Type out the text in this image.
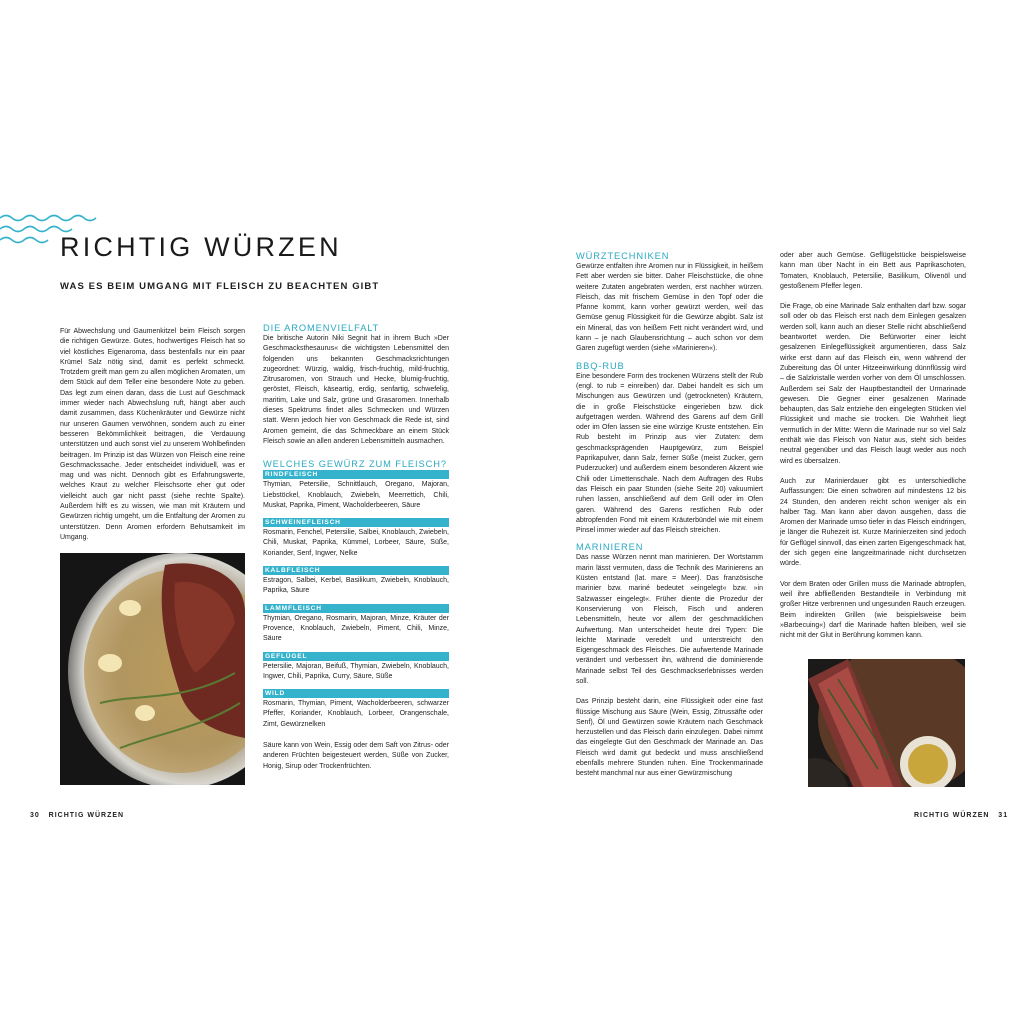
RICHTIG WÜRZEN
WAS ES BEIM UMGANG MIT FLEISCH ZU BEACHTEN GIBT
Für Abwechslung und Gaumenkitzel beim Fleisch sorgen die richtigen Gewürze. Gutes, hochwertiges Fleisch hat so viel köstliches Eigenaroma, dass bestenfalls nur ein paar Krümel Salz nötig sind, damit es perfekt schmeckt. Trotzdem greift man gern zu allen möglichen Aromaten, um dem Stück auf dem Teller eine besondere Note zu geben. Das legt zum einen daran, dass die Lust auf Geschmack immer wieder nach Abwechslung ruft, hängt aber auch damit zusammen, dass Küchenkräuter und Gewürze nicht nur unseren Gaumen verwöhnen, sondern auch zu einer besseren Bekömmlichkeit beitragen, die Verdauung unterstützen und auch sonst viel zu unserem Wohlbefinden beitragen. Im Prinzip ist das Würzen von Fleisch eine reine Geschmackssache. Jeder entscheidet individuell, was er mag und was nicht. Dennoch gibt es Erfahrungswerte, welches Kraut zu welcher Fleischsorte eher gut oder vielleicht auch gar nicht passt (siehe rechte Spalte). Außerdem hilft es zu wissen, wie man mit Kräutern und Gewürzen richtig umgeht, um die Entfaltung der Aromen zu unterstützen. Denn Aromen erfordern Behutsamkeit im Umgang.
DIE AROMENVIELFALT
Die britische Autorin Niki Segnit hat in ihrem Buch »Der Geschmacksthesaurus« die wichtigsten Lebensmittel den folgenden uns bekannten Geschmacksrichtungen zugeordnet: Würzig, waldig, frisch-fruchtig, mild-fruchtig, Zitrusaromen, von Strauch und Hecke, blumig-fruchtig, geröstet, Fleisch, käseartig, erdig, senfartig, schwefelig, maritim, Lake und Salz, grüne und Grasaromen. Innerhalb dieses Spektrums findet alles Schmecken und Würzen statt. Wenn jedoch hier von Geschmack die Rede ist, sind Aromen gemeint, die das Schmeckbare an einem Stück Fleisch sowie an allen anderen Lebensmitteln ausmachen.
WELCHES GEWÜRZ ZUM FLEISCH?
RINDFLEISCH
Thymian, Petersilie, Schnittlauch, Oregano, Majoran, Liebstöckel, Knoblauch, Zwiebeln, Meerrettich, Chili, Muskat, Paprika, Piment, Wacholderbeeren, Säure
SCHWEINEFLEISCH
Rosmarin, Fenchel, Petersilie, Salbei, Knoblauch, Zwiebeln, Chili, Muskat, Paprika, Kümmel, Lorbeer, Säure, Süße, Koriander, Senf, Ingwer, Nelke
KALBFLEISCH
Estragon, Salbei, Kerbel, Basilikum, Zwiebeln, Knoblauch, Paprika, Säure
LAMMFLEISCH
Thymian, Oregano, Rosmarin, Majoran, Minze, Kräuter der Provence, Knoblauch, Zwiebeln, Piment, Chili, Minze, Säure
GEFLÜGEL
Petersilie, Majoran, Beifuß, Thymian, Zwiebeln, Knoblauch, Ingwer, Chili, Paprika, Curry, Säure, Süße
WILD
Rosmarin, Thymian, Piment, Wacholderbeeren, schwarzer Pfeffer, Koriander, Knoblauch, Lorbeer, Orangenschale, Zimt, Gewürznelken
Säure kann von Wein, Essig oder dem Saft von Zitrus- oder anderen Früchten beigesteuert werden, Süße von Zucker, Honig, Sirup oder Trockenfrüchten.
30 RICHTIG WÜRZEN
WÜRZTECHNIKEN
Gewürze entfalten ihre Aromen nur in Flüssigkeit, in heißem Fett aber werden sie bitter. Daher Fleischstücke, die ohne weitere Zutaten angebraten werden, erst nachher würzen. Fleisch, das mit frischem Gemüse in den Topf oder die Pfanne kommt, kann vorher gewürzt werden, weil das Gemüse genug Flüssigkeit für die Gewürze abgibt. Salz ist ein Mineral, das von heißem Fett nicht verändert wird, und kann – je nach Glaubensrichtung – auch schon vor dem Garen zugefügt werden (siehe »Marinieren«).
BBQ-RUB
Eine besondere Form des trockenen Würzens stellt der Rub (engl. to rub = einreiben) dar. Dabei handelt es sich um Mischungen aus Gewürzen und (getrockneten) Kräutern, die in große Fleischstücke eingerieben bzw. dick aufgetragen werden. Während des Garens auf dem Grill oder im Ofen lassen sie eine würzige Kruste entstehen. Ein Rub besteht im Prinzip aus vier Zutaten: dem geschmacksprägenden Hauptgewürz, zum Beispiel Paprikapulver, dann Salz, ferner Süße (meist Zucker, gern Puderzucker) und außerdem einem besonderen Akzent wie Chili oder Limettenschale. Nach dem Auftragen des Rubs das Fleisch ein paar Stunden (siehe Seite 20) vakuumiert ruhen lassen, anschließend auf dem Grill oder im Ofen garen. Während des Garens restlichen Rub oder abtropfenden Fond mit einem Kräuterbündel wie mit einem Pinsel immer wieder auf das Fleisch streichen.
MARINIEREN
Das nasse Würzen nennt man marinieren. Der Wortstamm marin lässt vermuten, dass die Technik des Marinierens an Küsten entstand (lat. mare = Meer). Das französische marinier bzw. mariné bedeutet »eingelegt« bzw. »in Salzwasser eingelegt«. Früher diente die Prozedur der Konservierung von Fleisch, Fisch und anderen Lebensmitteln, heute vor allem der geschmacklichen Aufwertung. Man unterscheidet heute drei Typen: Die leichte Marinade veredelt und unterstreicht den Eigengeschmack des Fleisches. Die aufwertende Marinade verändert und verbessert ihn, während die dominierende Marinade selbst Teil des Geschmackserlebnisses werden soll.
Das Prinzip besteht darin, eine Flüssigkeit oder eine fast flüssige Mischung aus Säure (Wein, Essig, Zitrussäfte oder Senf), Öl und Gewürzen sowie Kräutern nach Geschmack herzustellen und das Fleisch darin einzulegen. Dabei nimmt das eingelegte Gut den Geschmack der Marinade an. Das Fleisch wird damit gut bedeckt und muss anschließend ebenfalls mehrere Stunden ruhen. Eine Trockenmarinade besteht manchmal nur aus einer Gewürzmischung
oder aber auch Gemüse. Geflügelstücke beispielsweise kann man über Nacht in ein Bett aus Paprikaschoten, Tomaten, Knoblauch, Petersilie, Basilikum, Olivenöl und gestoßenem Pfeffer legen.
Die Frage, ob eine Marinade Salz enthalten darf bzw. sogar soll oder ob das Fleisch erst nach dem Einlegen gesalzen werden soll, kann auch an dieser Stelle nicht abschließend beantwortet werden. Die Befürworter einer leicht gesalzenen Einlegeflüssigkeit argumentieren, dass Salz wirke erst dann auf das Fleisch ein, wenn während der Zubereitung das Öl unter Hitzeeinwirkung dünnflüssig wird – die Salzkristalle werden vorher von dem Öl umschlossen. Außerdem sei Salz der Hauptbestandteil der Urmarinade gewesen. Die Gegner einer gesalzenen Marinade behaupten, das Salz entziehe den eingelegten Stücken viel Flüssigkeit und mache sie trocken. Die Wahrheit liegt vermutlich in der Mitte: Wenn die Marinade nur so viel Salz enthält wie das Fleisch von Natur aus, steht sich beides neutral gegenüber und das Fleisch laugt weder aus noch wird es übersalzen.
Auch zur Marinierdauer gibt es unterschiedliche Auffassungen: Die einen schwören auf mindestens 12 bis 24 Stunden, den anderen reicht schon weniger als ein halber Tag. Man kann aber davon ausgehen, dass die Aromen der Marinade umso tiefer in das Fleisch eindringen, je länger die Ruhezeit ist. Kurze Marinierzeiten sind jedoch für Geflügel sinnvoll, das einen zarten Eigengeschmack hat, der sich gegen eine langzeitmarinade nicht durchsetzen würde.
Vor dem Braten oder Grillen muss die Marinade abtropfen, weil ihre abfließenden Bestandteile in Verbindung mit großer Hitze verbrennen und ungesunden Rauch erzeugen. Beim indirekten Grillen (wie beispielsweise beim »Barbecuing«) darf die Marinade haften bleiben, weil sie nicht mit der Glut in Berührung kommen kann.
RICHTIG WÜRZEN 31
